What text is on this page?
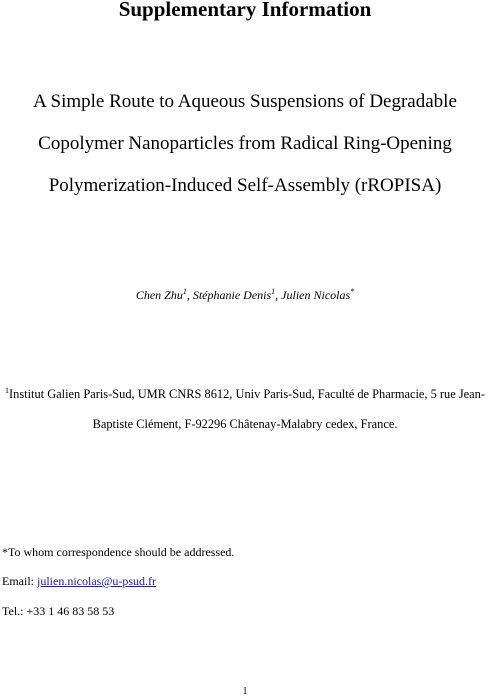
Supplementary Information

A Simple Route to Aqueous Suspensions of Degradable

Copolymer Nanoparticles from Radical Ring-Opening

Polymerization-Induced Self-Assembly (rROPISA)

Chen Zhu$^1$, Stéphanie Denis$^1$, Julien Nicolas*

$^1$Institut Galien Paris-Sud, UMR CNRS 8612, Univ Paris-Sud, Faculté de Pharmacie, 5 rue Jean-

Baptiste Clément, F-92296 Châtenay-Malabry cedex, France.

*To whom correspondence should be addressed.

Email: julien.nicolas@u-psud.fr

Tel.: +33 1 46 83 58 53

1
